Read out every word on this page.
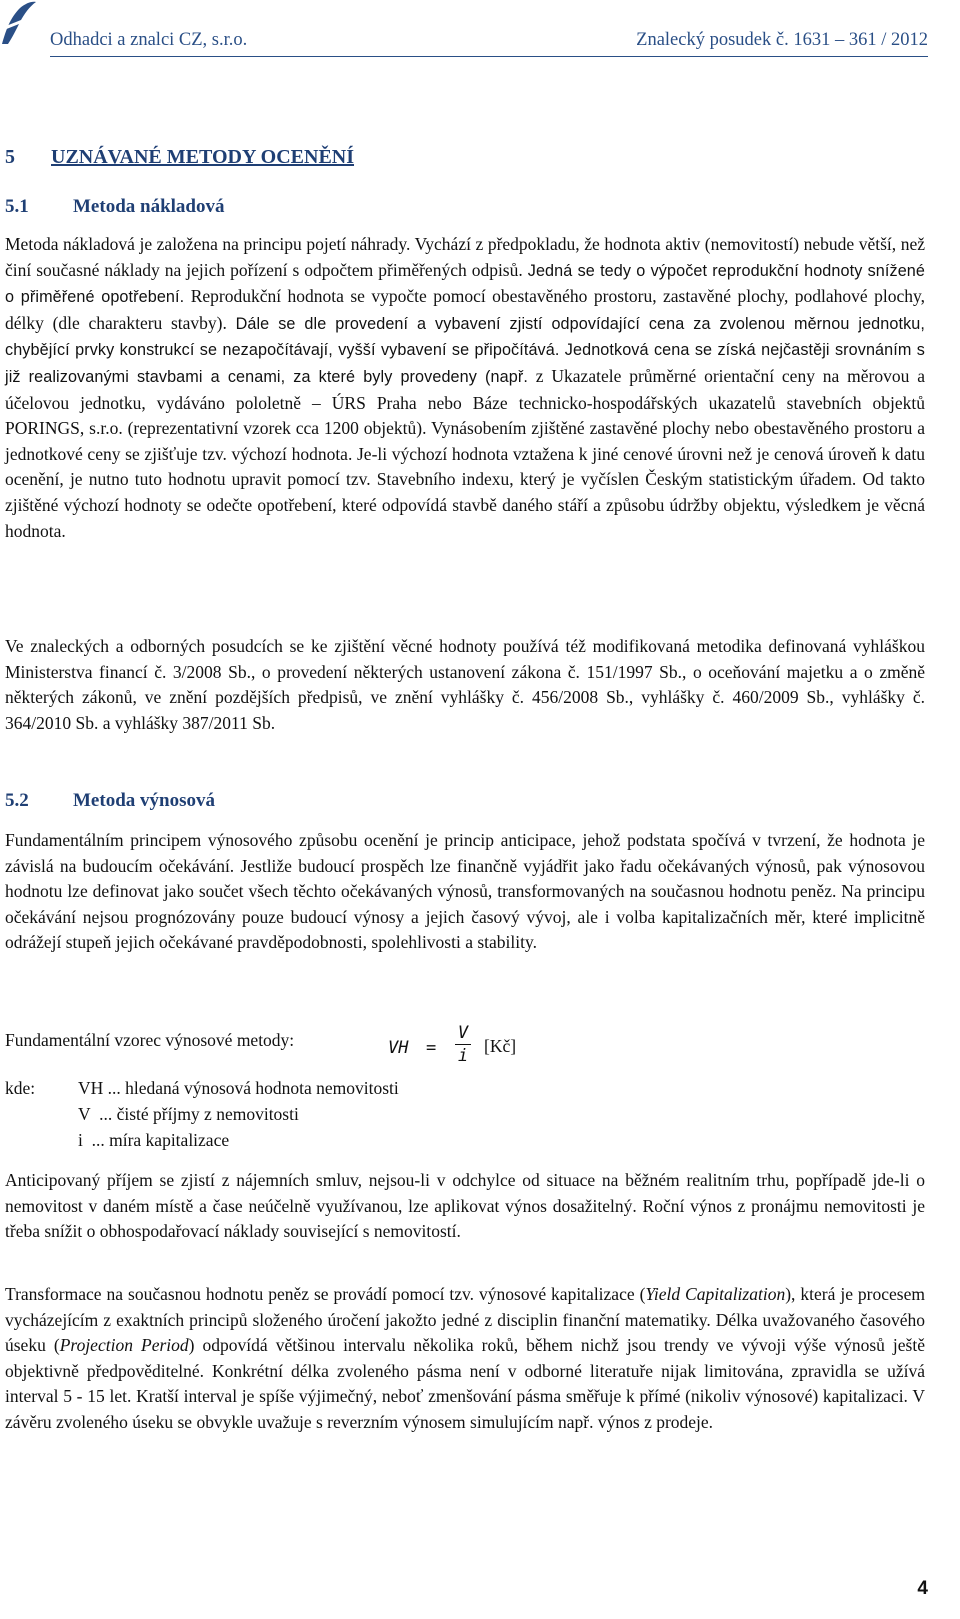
Odhadci a znalci CZ, s.r.o.	Znalecký posudek č. 1631 – 361 / 2012
5 UZNÁVANÉ METODY OCENĚNÍ
5.1 Metoda nákladová
Metoda nákladová je založena na principu pojetí náhrady. Vychází z předpokladu, že hodnota aktiv (nemovitostí) nebude větší, než činí současné náklady na jejich pořízení s odpočtem přiměřených odpisů. Jedná se tedy o výpočet reprodukční hodnoty snížené o přiměřené opotřebení. Reprodukční hodnota se vypočte pomocí obestavěného prostoru, zastavěné plochy, podlahové plochy, délky (dle charakteru stavby). Dále se dle provedení a vybavení zjistí odpovídající cena za zvolenou měrnou jednotku, chybějící prvky konstrukcí se nezapočítávají, vyšší vybavení se připočítává. Jednotková cena se získá nejčastěji srovnáním s již realizovanými stavbami a cenami, za které byly provedeny (např. z Ukazatele průměrné orientační ceny na měrovou a účelovou jednotku, vydáváno pololetně – ÚRS Praha nebo Báze technicko-hospodářských ukazatelů stavebních objektů PORINGS, s.r.o. (reprezentativní vzorek cca 1200 objektů). Vynásobením zjištěné zastavěné plochy nebo obestavěného prostoru a jednotkové ceny se zjišťuje tzv. výchozí hodnota. Je-li výchozí hodnota vztažena k jiné cenové úrovni než je cenová úroveň k datu ocenění, je nutno tuto hodnotu upravit pomocí tzv. Stavebního indexu, který je vyčíslen Českým statistickým úřadem. Od takto zjištěné výchozí hodnoty se odečte opotřebení, které odpovídá stavbě daného stáří a způsobu údržby objektu, výsledkem je věcná hodnota.
Ve znaleckých a odborných posudcích se ke zjištění věcné hodnoty používá též modifikovaná metodika definovaná vyhláškou Ministerstva financí č. 3/2008 Sb., o provedení některých ustanovení zákona č. 151/1997 Sb., o oceňování majetku a o změně některých zákonů, ve znění pozdějších předpisů, ve znění vyhlášky č. 456/2008 Sb., vyhlášky č. 460/2009 Sb., vyhlášky č. 364/2010 Sb. a vyhlášky 387/2011 Sb.
5.2 Metoda výnosová
Fundamentálním principem výnosového způsobu ocenění je princip anticipace, jehož podstata spočívá v tvrzení, že hodnota je závislá na budoucím očekávání. Jestliže budoucí prospěch lze finančně vyjádřit jako řadu očekávaných výnosů, pak výnosovou hodnotu lze definovat jako součet všech těchto očekávaných výnosů, transformovaných na současnou hodnotu peněz. Na principu očekávání nejsou prognózovány pouze budoucí výnosy a jejich časový vývoj, ale i volba kapitalizačních měr, které implicitně odrážejí stupeň jejich očekávané pravděpodobnosti, spolehlivosti a stability.
Fundamentální vzorec výnosové metody:	VH =
V
i [Kč]
kde: VH ... hledaná výnosová hodnota nemovitosti
V  ... čisté příjmy z nemovitosti
i  ... míra kapitalizace
Anticipovaný příjem se zjistí z nájemních smluv, nejsou-li v odchylce od situace na běžném realitním trhu, popřípadě jde-li o nemovitost v daném místě a čase neúčelně využívanou, lze aplikovat výnos dosažitelný. Roční výnos z pronájmu nemovitosti je třeba snížit o obhospodařovací náklady související s nemovitostí.
Transformace na současnou hodnotu peněz se provádí pomocí tzv. výnosové kapitalizace (Yield Capitalization), která je procesem vycházejícím z exaktních principů složeného úročení jakožto jedné z disciplin finanční matematiky. Délka uvažovaného časového úseku (Projection Period) odpovídá většinou intervalu několika roků, během nichž jsou trendy ve vývoji výše výnosů ještě objektivně předpověditelné. Konkrétní délka zvoleného pásma není v odborné literatuře nijak limitována, zpravidla se užívá interval 5 - 15 let. Kratší interval je spíše výjimečný, neboť zmenšování pásma směřuje k přímé (nikoliv výnosové) kapitalizaci. V závěru zvoleného úseku se obvykle uvažuje s reverzním výnosem simulujícím např. výnos z prodeje.
4
